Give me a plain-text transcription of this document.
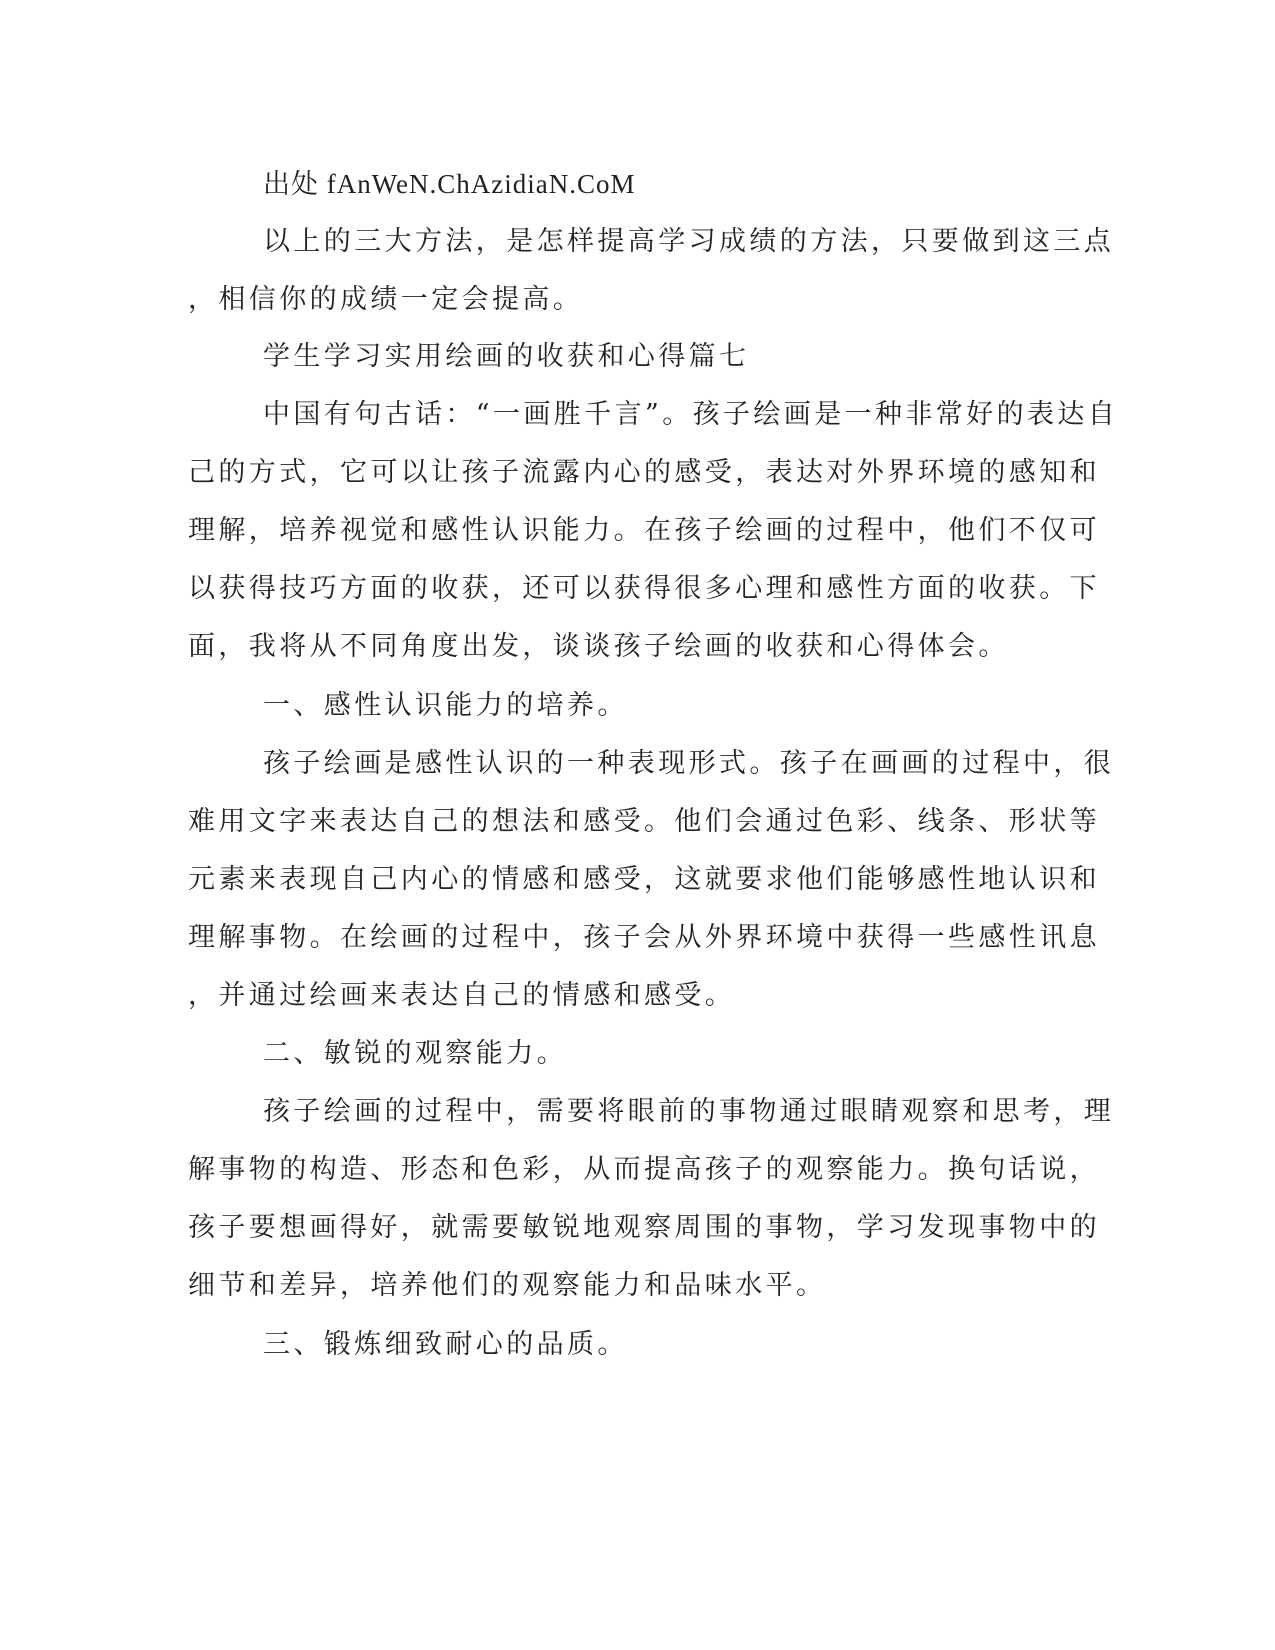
出处 fAnWeN.ChAzidiaN.CoM
以上的三大方法，是怎样提高学习成绩的方法，只要做到这三点
，相信你的成绩一定会提高。
学生学习实用绘画的收获和心得篇七
中国有句古话：“一画胜千言”。孩子绘画是一种非常好的表达自
己的方式，它可以让孩子流露内心的感受，表达对外界环境的感知和
理解，培养视觉和感性认识能力。在孩子绘画的过程中，他们不仅可
以获得技巧方面的收获，还可以获得很多心理和感性方面的收获。下
面，我将从不同角度出发，谈谈孩子绘画的收获和心得体会。
一、感性认识能力的培养。
孩子绘画是感性认识的一种表现形式。孩子在画画的过程中，很
难用文字来表达自己的想法和感受。他们会通过色彩、线条、形状等
元素来表现自己内心的情感和感受，这就要求他们能够感性地认识和
理解事物。在绘画的过程中，孩子会从外界环境中获得一些感性讯息
，并通过绘画来表达自己的情感和感受。
二、敏锐的观察能力。
孩子绘画的过程中，需要将眼前的事物通过眼睛观察和思考，理
解事物的构造、形态和色彩，从而提高孩子的观察能力。换句话说，
孩子要想画得好，就需要敏锐地观察周围的事物，学习发现事物中的
细节和差异，培养他们的观察能力和品味水平。
三、锻炼细致耐心的品质。
